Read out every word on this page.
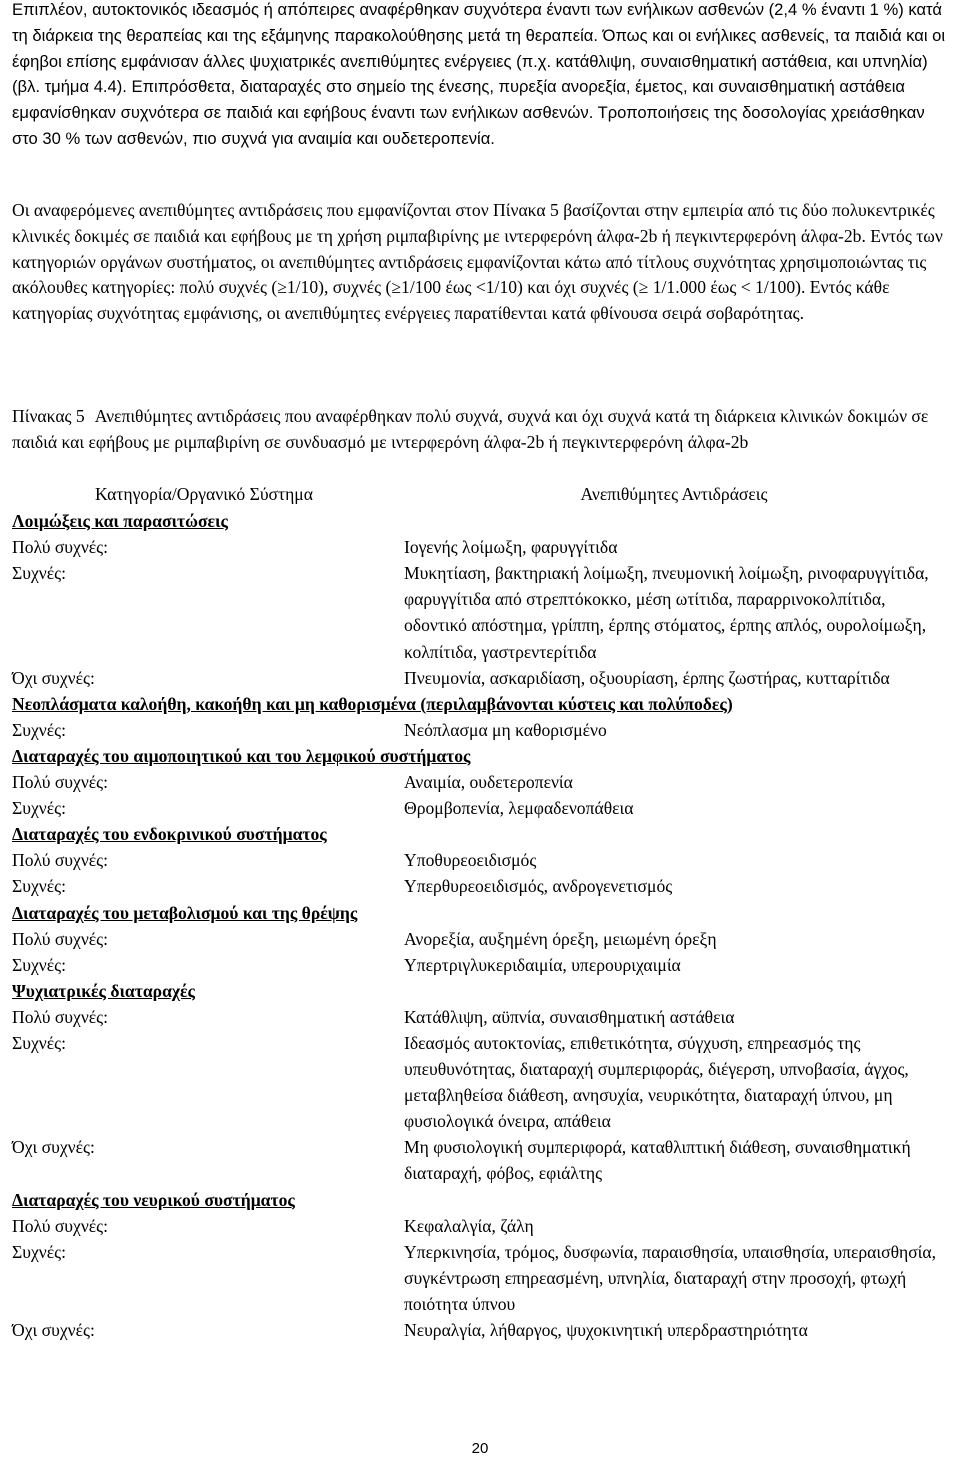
Επιπλέον, αυτοκτονικός ιδεασμός ή απόπειρες αναφέρθηκαν συχνότερα έναντι των ενήλικων ασθενών (2,4 % έναντι 1 %) κατά τη διάρκεια της θεραπείας και της εξάμηνης παρακολούθησης μετά τη θεραπεία. Όπως και οι ενήλικες ασθενείς, τα παιδιά και οι έφηβοι επίσης εμφάνισαν άλλες ψυχιατρικές ανεπιθύμητες ενέργειες (π.χ. κατάθλιψη, συναισθηματική αστάθεια, και υπνηλία) (βλ. τμήμα 4.4). Επιπρόσθετα, διαταραχές στο σημείο της ένεσης, πυρεξία ανορεξία, έμετος, και συναισθηματική αστάθεια εμφανίσθηκαν συχνότερα σε παιδιά και εφήβους έναντι των ενήλικων ασθενών. Τροποποιήσεις της δοσολογίας χρειάσθηκαν στο 30 % των ασθενών, πιο συχνά για αναιμία και ουδετεροπενία.

Οι αναφερόμενες ανεπιθύμητες αντιδράσεις που εμφανίζονται στον Πίνακα 5 βασίζονται στην εμπειρία από τις δύο πολυκεντρικές κλινικές δοκιμές σε παιδιά και εφήβους με τη χρήση ριμπαβιρίνης με ιντερφερόνη άλφα-2b ή πεγκιντερφερόνη άλφα-2b. Εντός των κατηγοριών οργάνων συστήματος, οι ανεπιθύμητες αντιδράσεις εμφανίζονται κάτω από τίτλους συχνότητας χρησιμοποιώντας τις ακόλουθες κατηγορίες: πολύ συχνές (≥1/10), συχνές (≥1/100 έως <1/10) και όχι συχνές (≥ 1/1.000 έως < 1/100). Εντός κάθε κατηγορίας συχνότητας εμφάνισης, οι ανεπιθύμητες ενέργειες παρατίθενται κατά φθίνουσα σειρά σοβαρότητας.

Πίνακας 5 Ανεπιθύμητες αντιδράσεις που αναφέρθηκαν πολύ συχνά, συχνά και όχι συχνά κατά τη διάρκεια κλινικών δοκιμών σε παιδιά και εφήβους με ριμπαβιρίνη σε συνδυασμό με ιντερφερόνη άλφα-2b ή πεγκιντερφερόνη άλφα-2b
Κατηγορία/Οργανικό Σύστημα	Ανεπιθύμητες Αντιδράσεις
Λοιμώξεις και παρασιτώσεις	
Πολύ συχνές:	Ιογενής λοίμωξη, φαρυγγίτιδα
Συχνές:	Μυκητίαση, βακτηριακή λοίμωξη, πνευμονική λοίμωξη, ρινοφαρυγγίτιδα, φαρυγγίτιδα από στρεπτόκοκκο, μέση ωτίτιδα, παραρρινοκολπίτιδα, οδοντικό απόστημα, γρίππη, έρπης στόματος, έρπης απλός, ουρολοίμωξη, κολπίτιδα, γαστρεντερίτιδα
Όχι συχνές:	Πνευμονία, ασκαριδίαση, οξυουρίαση, έρπης ζωστήρας, κυτταρίτιδα
Νεοπλάσματα καλοήθη, κακοήθη και μη καθορισμένα (περιλαμβάνονται κύστεις και πολύποδες)	
Συχνές:	Νεόπλασμα μη καθορισμένο
Διαταραχές του αιμοποιητικού και του λεμφικού συστήματος	
Πολύ συχνές:	Αναιμία, ουδετεροπενία
Συχνές:	Θρομβοπενία, λεμφαδενοπάθεια
Διαταραχές του ενδοκρινικού συστήματος	
Πολύ συχνές:	Υποθυρεοειδισμός
Συχνές:	Υπερθυρεοειδισμός, ανδρογενετισμός
Διαταραχές του μεταβολισμού και της θρέψης	
Πολύ συχνές:	Ανορεξία, αυξημένη όρεξη, μειωμένη όρεξη
Συχνές:	Υπερτριγλυκεριδαιμία, υπερουριχαιμία
Ψυχιατρικές διαταραχές	
Πολύ συχνές:	Κατάθλιψη, αϋπνία, συναισθηματική αστάθεια
Συχνές:	Ιδεασμός αυτοκτονίας, επιθετικότητα, σύγχυση, επηρεασμός της υπευθυνότητας, διαταραχή συμπεριφοράς, διέγερση, υπνοβασία, άγχος, μεταβληθείσα διάθεση, ανησυχία, νευρικότητα, διαταραχή ύπνου, μη φυσιολογικά όνειρα, απάθεια
Όχι συχνές:	Μη φυσιολογική συμπεριφορά, καταθλιπτική διάθεση, συναισθηματική διαταραχή, φόβος, εφιάλτης
Διαταραχές του νευρικού συστήματος	
Πολύ συχνές:	Κεφαλαλγία, ζάλη
Συχνές:	Υπερκινησία, τρόμος, δυσφωνία, παραισθησία, υπαισθησία, υπεραισθησία, συγκέντρωση επηρεασμένη, υπνηλία, διαταραχή στην προσοχή, φτωχή ποιότητα ύπνου
Όχι συχνές:	Νευραλγία, λήθαργος, ψυχοκινητική υπερδραστηριότητα
20
